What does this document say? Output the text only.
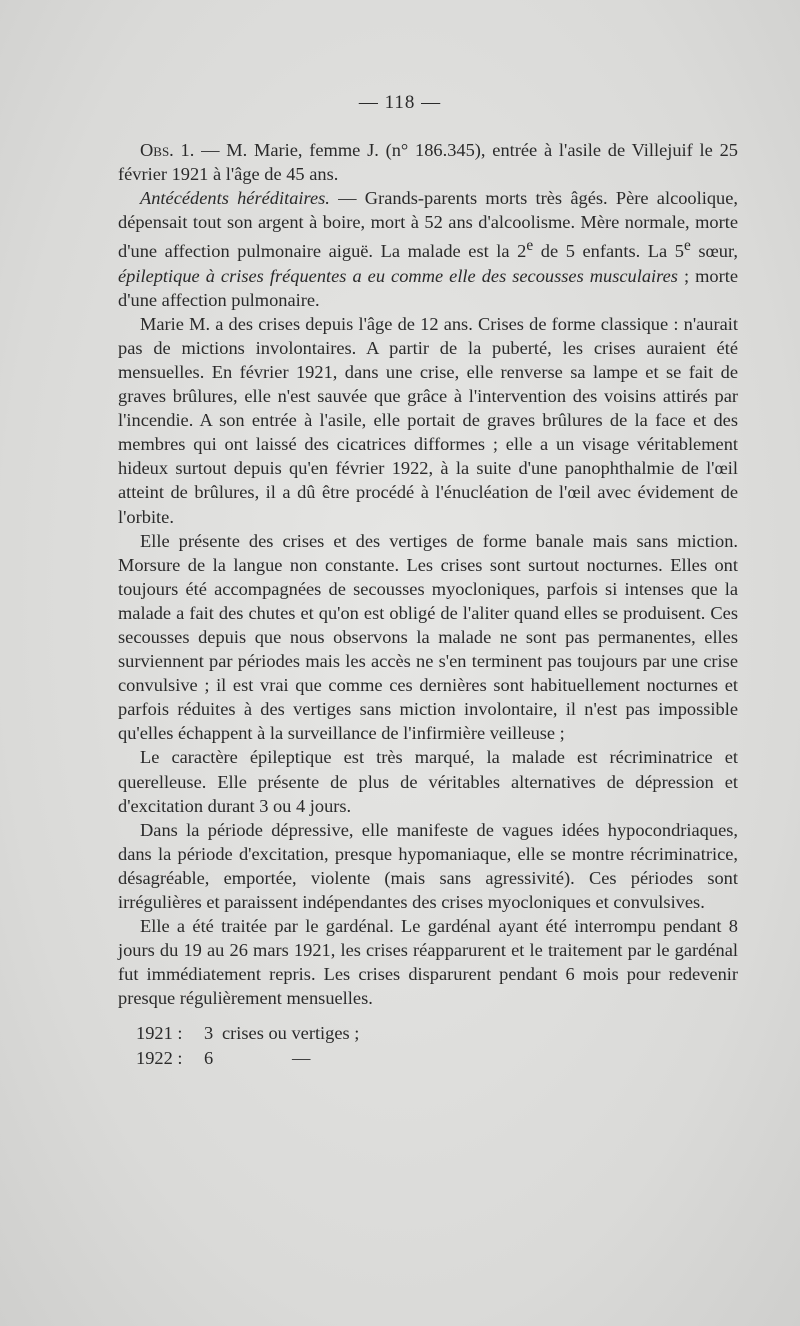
— 118 —

Obs. 1. — M. Marie, femme J. (n° 186.345), entrée à l'asile de Villejuif le 25 février 1921 à l'âge de 45 ans.

Antécédents héréditaires. — Grands-parents morts très âgés. Père alcoolique, dépensait tout son argent à boire, mort à 52 ans d'alcoolisme. Mère normale, morte d'une affection pulmonaire aiguë. La malade est la 2e de 5 enfants. La 5e sœur, épileptique à crises fréquentes a eu comme elle des secousses musculaires ; morte d'une affection pulmonaire.

Marie M. a des crises depuis l'âge de 12 ans. Crises de forme classique : n'aurait pas de mictions involontaires. A partir de la puberté, les crises auraient été mensuelles. En février 1921, dans une crise, elle renverse sa lampe et se fait de graves brûlures, elle n'est sauvée que grâce à l'intervention des voisins attirés par l'incendie. A son entrée à l'asile, elle portait de graves brûlures de la face et des membres qui ont laissé des cicatrices difformes ; elle a un visage véritablement hideux surtout depuis qu'en février 1922, à la suite d'une panophthalmie de l'œil atteint de brûlures, il a dû être procédé à l'énucléation de l'œil avec évidement de l'orbite.

Elle présente des crises et des vertiges de forme banale mais sans miction. Morsure de la langue non constante. Les crises sont surtout nocturnes. Elles ont toujours été accompagnées de secousses myocloniques, parfois si intenses que la malade a fait des chutes et qu'on est obligé de l'aliter quand elles se produisent. Ces secousses depuis que nous observons la malade ne sont pas permanentes, elles surviennent par périodes mais les accès ne s'en terminent pas toujours par une crise convulsive ; il est vrai que comme ces dernières sont habituellement nocturnes et parfois réduites à des vertiges sans miction involontaire, il n'est pas impossible qu'elles échappent à la surveillance de l'infirmière veilleuse ;

Le caractère épileptique est très marqué, la malade est récriminatrice et querelleuse. Elle présente de plus de véritables alternatives de dépression et d'excitation durant 3 ou 4 jours.

Dans la période dépressive, elle manifeste de vagues idées hypocondriaques, dans la période d'excitation, presque hypomaniaque, elle se montre récriminatrice, désagréable, emportée, violente (mais sans agressivité). Ces périodes sont irrégulières et paraissent indépendantes des crises myocloniques et convulsives.

Elle a été traitée par le gardénal. Le gardénal ayant été interrompu pendant 8 jours du 19 au 26 mars 1921, les crises réapparurent et le traitement par le gardénal fut immédiatement repris. Les crises disparurent pendant 6 mois pour redevenir presque régulièrement mensuelles.

1921 :	3 crises ou vertiges ;
1922 :	6	—
